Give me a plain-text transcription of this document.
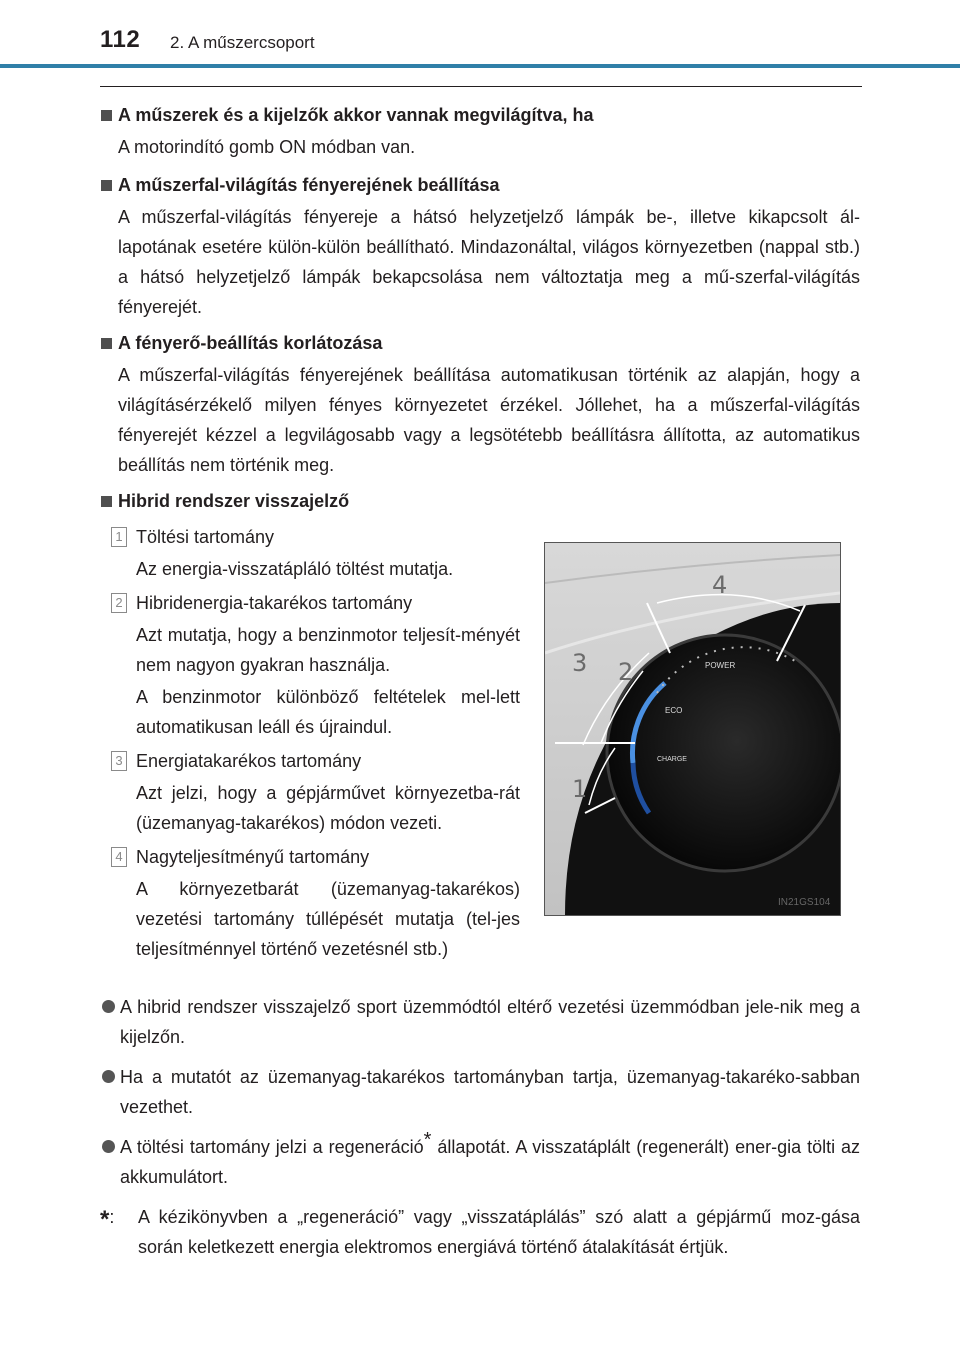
112 2. A műszercsoport

A műszerek és a kijelzők akkor vannak megvilágítva, ha

A motorindító gomb ON módban van.

A műszerfal-világítás fényerejének beállítása

A műszerfal-világítás fényereje a hátsó helyzetjelző lámpák be-, illetve kikapcsolt ál-lapotának esetére külön-külön beállítható. Mindazonáltal, világos környezetben (nappal stb.) a hátsó helyzetjelző lámpák bekapcsolása nem változtatja meg a mű-szerfal-világítás fényerejét.

A fényerő-beállítás korlátozása

A műszerfal-világítás fényerejének beállítása automatikusan történik az alapján, hogy a világításérzékelő milyen fényes környezetet érzékel. Jóllehet, ha a műszerfal-világítás fényerejét kézzel a legvilágosabb vagy a legsötétebb beállításra állította, az automatikus beállítás nem történik meg.

Hibrid rendszer visszajelző

1 Töltési tartomány

Az energia-visszatápláló töltést mutatja.

2 Hibridenergia-takarékos tartomány

Azt mutatja, hogy a benzinmotor teljesít-ményét nem nagyon gyakran használja.

A benzinmotor különböző feltételek mel-lett automatikusan leáll és újraindul.

3 Energiatakarékos tartomány

Azt jelzi, hogy a gépjárművet környezetba-rát (üzemanyag-takarékos) módon vezeti.

4 Nagyteljesítményű tartomány

A környezetbarát (üzemanyag-takarékos) vezetési tartomány túllépését mutatja (tel-jes teljesítménnyel történő vezetésnél stb.)

POWER
ECO
CHARGE
4
3 2
1
IN21GS104

A hibrid rendszer visszajelző sport üzemmódtól eltérő vezetési üzemmódban jele-nik meg a kijelzőn.

Ha a mutatót az üzemanyag-takarékos tartományban tartja, üzemanyag-takaréko-sabban vezethet.

A töltési tartomány jelzi a regeneráció* állapotát. A visszatáplált (regenerált) ener-gia tölti az akkumulátort.

*: A kézikönyvben a „regeneráció” vagy „visszatáplálás” szó alatt a gépjármű moz-gása során keletkezett energia elektromos energiává történő átalakítását értjük.
